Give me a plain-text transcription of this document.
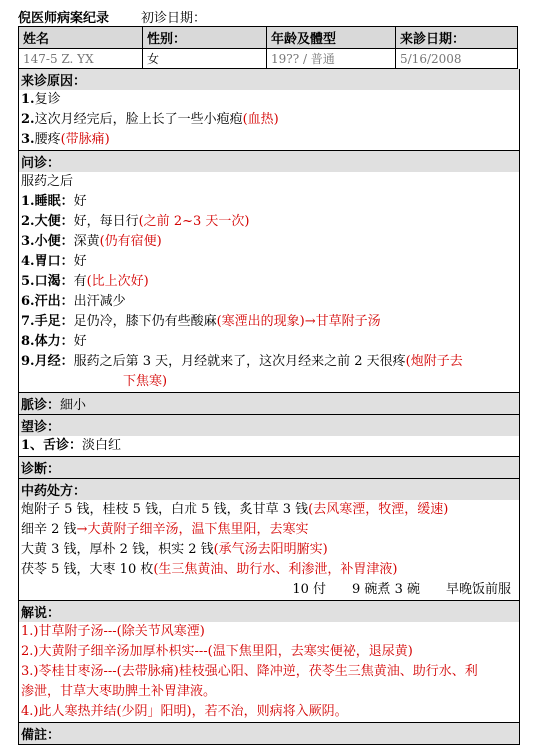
倪医师病案纪录 初诊日期：
姓名	性别：	年龄及體型	来診日期：
147-5 Z. YX	女	19?? / 普通	5/16/2008
来诊原因：
1.复诊
2.这次月经完后，脸上长了一些小疱疱(血热)
3.腰疼(带脉痛)
问诊：
服药之后
1.睡眠：好
2.大便：好，每日行(之前 2~3 天一次)
3.小便：深黄(仍有宿便)
4.胃口：好
5.口渴：有(比上次好)
6.汗出：出汗减少
7.手足：足仍冷，膝下仍有些酸麻(寒湮出的现象)→甘草附子汤
8.体力：好
9.月经：服药之后第 3 天，月经就来了，这次月经来之前 2 天很疼(炮附子去
下焦寒)
脈诊：細小
望诊：
1、舌诊：淡白红
诊断：
中药处方：
炮附子 5 钱，桂枝 5 钱，白朮 5 钱，炙甘草 3 钱(去风寒湮，牧湮，缓速)
细辛 2 钱→大黄附子细辛汤，温下焦里阳，去寒实
大黄 3 钱，厚朴 2 钱，枳实 2 钱(承气汤去阳明腑实)
茯苓 5 钱，大枣 10 枚(生三焦黄油、助行水、利渗泄，补胃津液)
10 付 9 碗煮 3 碗 早晚饭前服
解说：
1.)甘草附子汤---(除关节风寒湮)
2.)大黄附子细辛汤加厚朴枳实---(温下焦里阳，去寒实便祕，退尿黄)
3.)苓桂甘枣汤---(去带脉痛)桂枝强心阳、降冲逆，茯苓生三焦黄油、助行水、利
渗泄，甘草大枣助脾土补胃津液。
4.)此人寒热并结(少阴」阳明)，若不治，则病将入厥阴。
備註：
